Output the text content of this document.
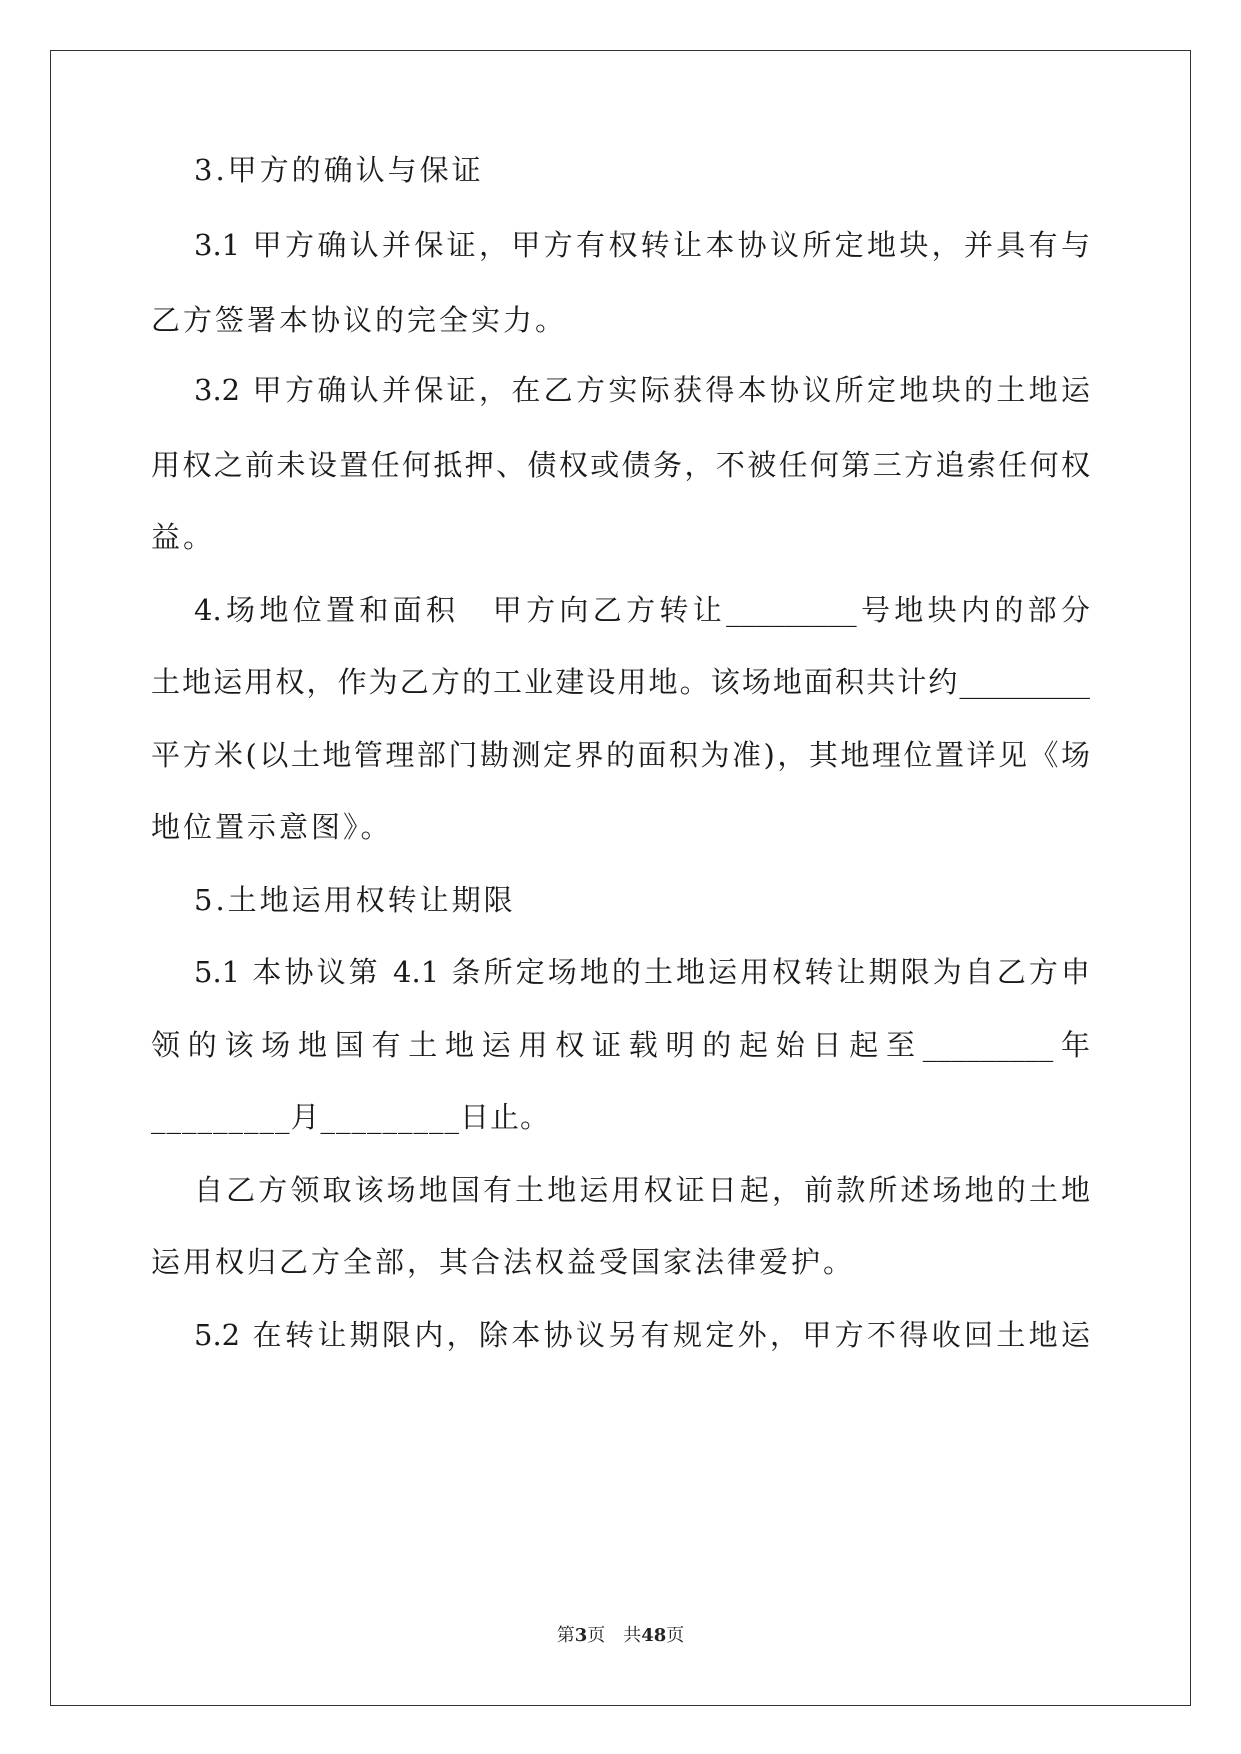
3.甲方的确认与保证
3.1 甲方确认并保证，甲方有权转让本协议所定地块，并具有与
乙方签署本协议的完全实力。
3.2 甲方确认并保证，在乙方实际获得本协议所定地块的土地运
用权之前未设置任何抵押、债权或债务，不被任何第三方追索任何权
益。
4.场地位置和面积　甲方向乙方转让_________号地块内的部分
土地运用权，作为乙方的工业建设用地。该场地面积共计约_________
平方米(以土地管理部门勘测定界的面积为准)，其地理位置详见《场
地位置示意图》。
5.土地运用权转让期限
5.1 本协议第 4.1 条所定场地的土地运用权转让期限为自乙方申
领的该场地国有土地运用权证载明的起始日起至_________年
_________月_________日止。
自乙方领取该场地国有土地运用权证日起，前款所述场地的土地
运用权归乙方全部，其合法权益受国家法律爱护。
5.2 在转让期限内，除本协议另有规定外，甲方不得收回土地运
第3页　共48页
